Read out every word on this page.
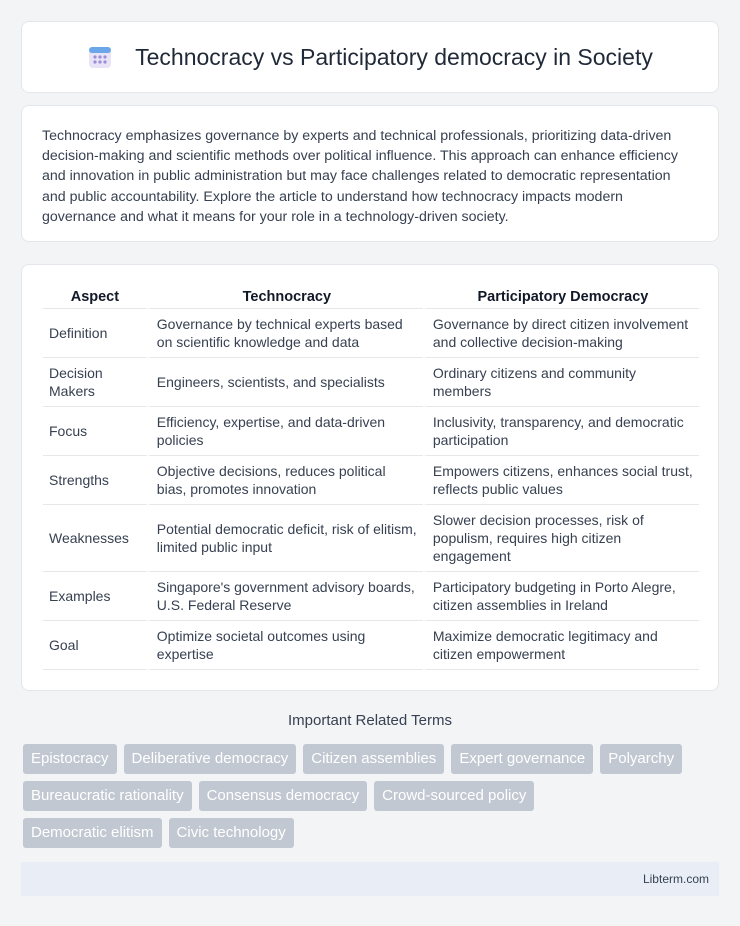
Technocracy vs Participatory democracy in Society

Technocracy emphasizes governance by experts and technical professionals, prioritizing data-driven decision-making and scientific methods over political influence. This approach can enhance efficiency and innovation in public administration but may face challenges related to democratic representation and public accountability. Explore the article to understand how technocracy impacts modern governance and what it means for your role in a technology-driven society.

Aspect	Technocracy	Participatory Democracy
Definition	Governance by technical experts based on scientific knowledge and data	Governance by direct citizen involvement and collective decision-making
Decision Makers	Engineers, scientists, and specialists	Ordinary citizens and community members
Focus	Efficiency, expertise, and data-driven policies	Inclusivity, transparency, and democratic participation
Strengths	Objective decisions, reduces political bias, promotes innovation	Empowers citizens, enhances social trust, reflects public values
Weaknesses	Potential democratic deficit, risk of elitism, limited public input	Slower decision processes, risk of populism, requires high citizen engagement
Examples	Singapore's government advisory boards, U.S. Federal Reserve	Participatory budgeting in Porto Alegre, citizen assemblies in Ireland
Goal	Optimize societal outcomes using expertise	Maximize democratic legitimacy and citizen empowerment
Important Related Terms
Epistocracy	Deliberative democracy	Citizen assemblies	Expert governance	Polyarchy
Bureaucratic rationality	Consensus democracy	Crowd-sourced policy
Democratic elitism	Civic technology
Libterm.com
